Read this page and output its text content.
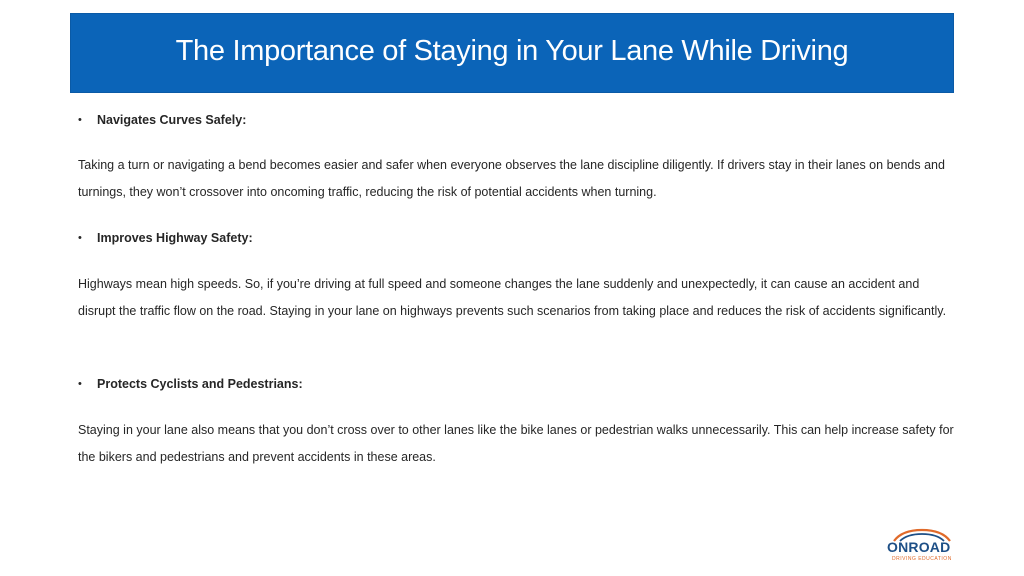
The Importance of Staying in Your Lane While Driving
•	Navigates Curves Safely:

Taking a turn or navigating a bend becomes easier and safer when everyone observes the lane discipline diligently. If drivers stay in their lanes on bends and turnings, they won’t crossover into oncoming traffic, reducing the risk of potential accidents when turning.

•	Improves Highway Safety:

Highways mean high speeds. So, if you’re driving at full speed and someone changes the lane suddenly and unexpectedly, it can cause an accident and disrupt the traffic flow on the road. Staying in your lane on highways prevents such scenarios from taking place and reduces the risk of accidents significantly.

•	Protects Cyclists and Pedestrians:

Staying in your lane also means that you don’t cross over to other lanes like the bike lanes or pedestrian walks unnecessarily. This can help increase safety for the bikers and pedestrians and prevent accidents in these areas.

ONROAD
DRIVING EDUCATION
